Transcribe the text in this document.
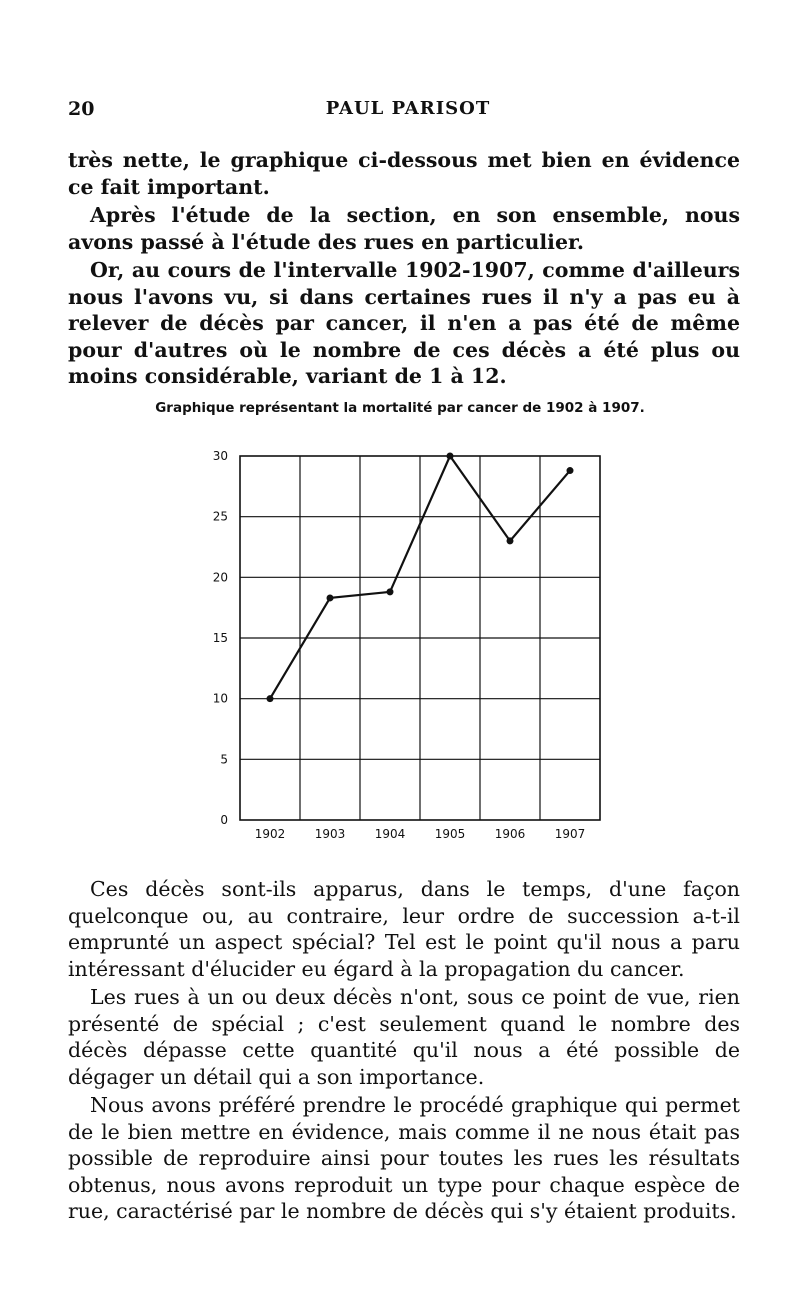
20	PAUL PARISOT

très nette, le graphique ci-dessous met bien en évidence ce fait important.

Après l'étude de la section, en son ensemble, nous avons passé à l'étude des rues en particulier.

Or, au cours de l'intervalle 1902-1907, comme d'ailleurs nous l'avons vu, si dans certaines rues il n'y a pas eu à relever de décès par cancer, il n'en a pas été de même pour d'autres où le nombre de ces décès a été plus ou moins considérable, variant de 1 à 12.

Graphique représentant la mortalité par cancer de 1902 à 1907.
0
5
10
15
20
25
30
1902 1903 1904 1905 1906 1907

Ces décès sont-ils apparus, dans le temps, d'une façon quelconque ou, au contraire, leur ordre de succession a-t-il emprunté un aspect spécial? Tel est le point qu'il nous a paru intéressant d'élucider eu égard à la propagation du cancer.

Les rues à un ou deux décès n'ont, sous ce point de vue, rien présenté de spécial ; c'est seulement quand le nombre des décès dépasse cette quantité qu'il nous a été possible de dégager un détail qui a son importance.

Nous avons préféré prendre le procédé graphique qui permet de le bien mettre en évidence, mais comme il ne nous était pas possible de reproduire ainsi pour toutes les rues les résultats obtenus, nous avons reproduit un type pour chaque espèce de rue, caractérisé par le nombre de décès qui s'y étaient produits.
